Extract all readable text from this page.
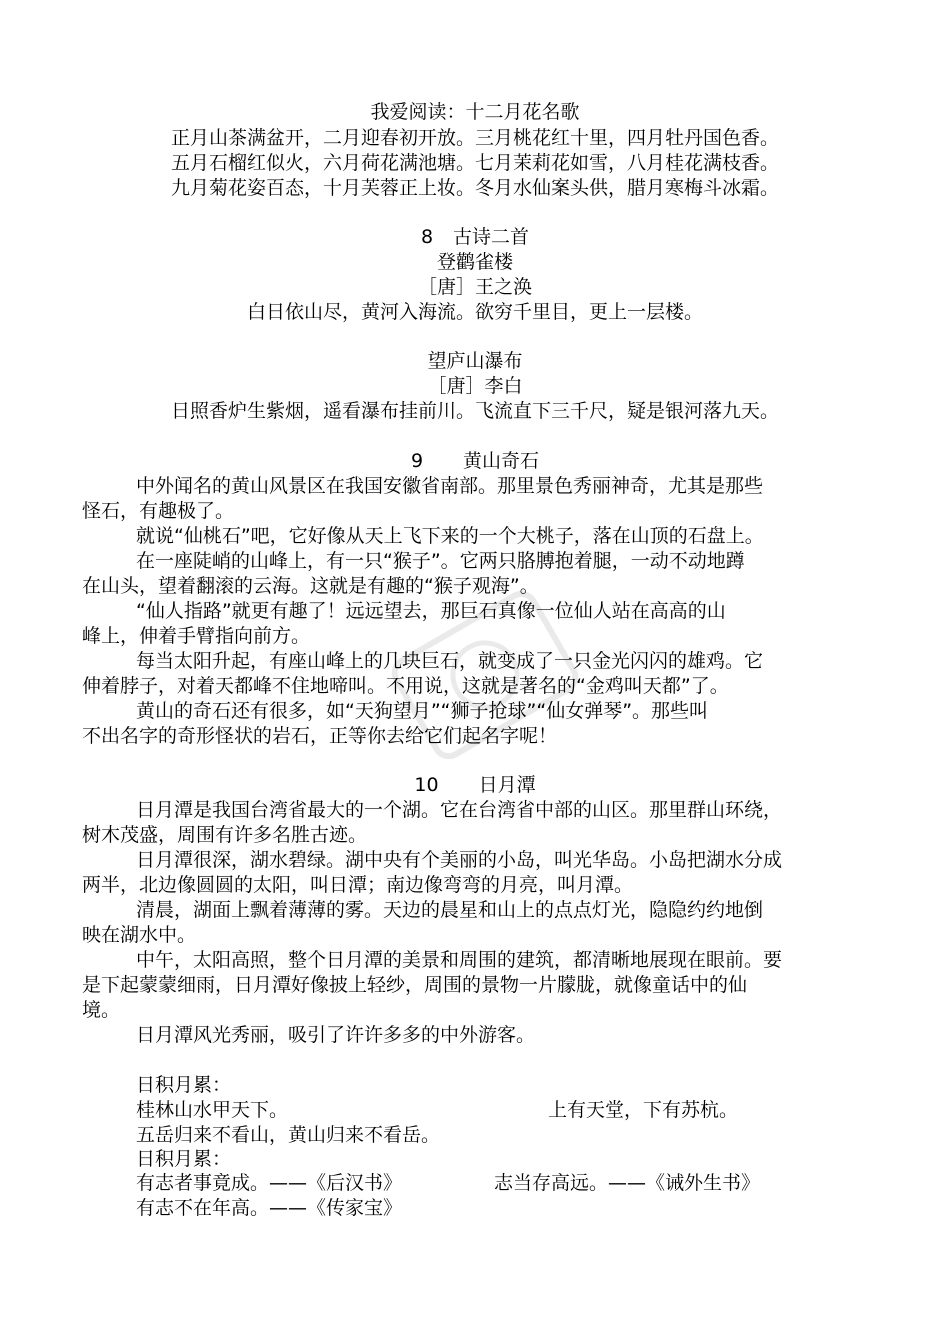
我爱阅读：十二月花名歌
正月山茶满盆开，二月迎春初开放。三月桃花红十里，四月牡丹国色香。
五月石榴红似火，六月荷花满池塘。七月茉莉花如雪，八月桂花满枝香。
九月菊花姿百态，十月芙蓉正上妆。冬月水仙案头供，腊月寒梅斗冰霜。
8 古诗二首
登鹳雀楼
［唐］王之涣
白日依山尽，黄河入海流。欲穷千里目，更上一层楼。
望庐山瀑布
［唐］李白
日照香炉生紫烟，遥看瀑布挂前川。飞流直下三千尺，疑是银河落九天。
9 黄山奇石
中外闻名的黄山风景区在我国安徽省南部。那里景色秀丽神奇，尤其是那些
怪石，有趣极了。
就说“仙桃石”吧，它好像从天上飞下来的一个大桃子，落在山顶的石盘上。
在一座陡峭的山峰上，有一只“猴子”。它两只胳膊抱着腿，一动不动地蹲
在山头，望着翻滚的云海。这就是有趣的“猴子观海”。
“仙人指路”就更有趣了！远远望去，那巨石真像一位仙人站在高高的山
峰上，伸着手臂指向前方。
每当太阳升起，有座山峰上的几块巨石，就变成了一只金光闪闪的雄鸡。它
伸着脖子，对着天都峰不住地啼叫。不用说，这就是著名的“金鸡叫天都”了。
黄山的奇石还有很多，如“天狗望月”“狮子抢球”“仙女弹琴”。那些叫
不出名字的奇形怪状的岩石，正等你去给它们起名字呢！
10 日月潭
日月潭是我国台湾省最大的一个湖。它在台湾省中部的山区。那里群山环绕，
树木茂盛，周围有许多名胜古迹。
日月潭很深，湖水碧绿。湖中央有个美丽的小岛，叫光华岛。小岛把湖水分成
两半，北边像圆圆的太阳，叫日潭；南边像弯弯的月亮，叫月潭。
清晨，湖面上飘着薄薄的雾。天边的晨星和山上的点点灯光，隐隐约约地倒
映在湖水中。
中午，太阳高照，整个日月潭的美景和周围的建筑，都清晰地展现在眼前。要
是下起蒙蒙细雨，日月潭好像披上轻纱，周围的景物一片朦胧，就像童话中的仙
境。
日月潭风光秀丽，吸引了许许多多的中外游客。
日积月累：
桂林山水甲天下。	上有天堂，下有苏杭。
五岳归来不看山，黄山归来不看岳。
日积月累：
有志者事竟成。——《后汉书》	志当存高远。——《诫外生书》
有志不在年高。——《传家宝》
